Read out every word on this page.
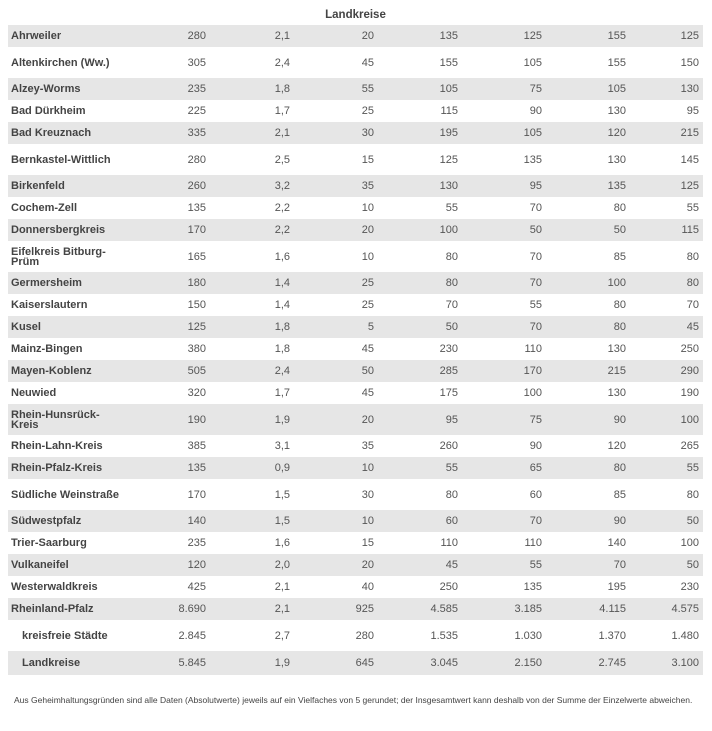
Landkreise
Ahrweiler	280	2,1	20	135	125	155	125
Altenkirchen (Ww.)	305	2,4	45	155	105	155	150
Alzey-Worms	235	1,8	55	105	75	105	130
Bad Dürkheim	225	1,7	25	115	90	130	95
Bad Kreuznach	335	2,1	30	195	105	120	215
Bernkastel-Wittlich	280	2,5	15	125	135	130	145
Birkenfeld	260	3,2	35	130	95	135	125
Cochem-Zell	135	2,2	10	55	70	80	55
Donnersbergkreis	170	2,2	20	100	50	50	115
Eifelkreis Bitburg-Prüm	165	1,6	10	80	70	85	80
Germersheim	180	1,4	25	80	70	100	80
Kaiserslautern	150	1,4	25	70	55	80	70
Kusel	125	1,8	5	50	70	80	45
Mainz-Bingen	380	1,8	45	230	110	130	250
Mayen-Koblenz	505	2,4	50	285	170	215	290
Neuwied	320	1,7	45	175	100	130	190
Rhein-Hunsrück-Kreis	190	1,9	20	95	75	90	100
Rhein-Lahn-Kreis	385	3,1	35	260	90	120	265
Rhein-Pfalz-Kreis	135	0,9	10	55	65	80	55
Südliche Weinstraße	170	1,5	30	80	60	85	80
Südwestpfalz	140	1,5	10	60	70	90	50
Trier-Saarburg	235	1,6	15	110	110	140	100
Vulkaneifel	120	2,0	20	45	55	70	50
Westerwaldkreis	425	2,1	40	250	135	195	230
Rheinland-Pfalz	8.690	2,1	925	4.585	3.185	4.115	4.575
kreisfreie Städte	2.845	2,7	280	1.535	1.030	1.370	1.480
Landkreise	5.845	1,9	645	3.045	2.150	2.745	3.100
Aus Geheimhaltungsgründen sind alle Daten (Absolutwerte) jeweils auf ein Vielfaches von 5 gerundet; der Insgesamtwert kann deshalb von der Summe der Einzelwerte abweichen.
